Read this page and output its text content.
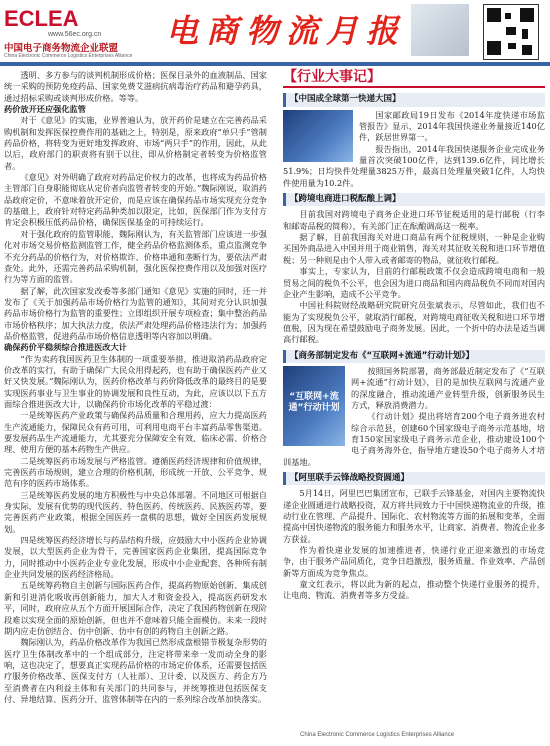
ECLEA
www.56ec.org.cn
中国电子商务物流企业联盟
China Electronic Commerce Logistics Enterprises Alliance
电商物流月报

透明、多方参与的谈判机制形成价格；医保目录外的血液制品、国家统一采购的预防免疫药品、国家免费艾滋病抗病毒治疗药品和避孕药具，通过招标采购或谈判形成价格。等等。

药价放开还应强化监管

对于《意见》的实施，业界普遍认为，放开药价是建立在完善药品采购机制和发挥医保控费作用的基础之上，特别是，原来政府“单只手”管制药品价格，将转变为更好地发挥政府、市场“两只手”的作用，因此，从此以后，政府部门的职责将有别于以往，即从价格制定者转变为价格监管者。

《意见》对外明确了政府对药品定价权力的改革，也将成为药品价格主管部门自身职能彻底从定价者向监管者转变的开始。”魏际刚说，取消药品政府定价，不意味着放开定价，而是应该在确保药品市场实现充分竞争的基础上，政府针对特定药品种类加以限定，比如，医保部门作为支付方肯定会积极压低药品价格，确保医保基金的可持续运行。

对于强化政府的监管职能，魏际刚认为，有关监管部门应该进一步强化对市场交易价格监测监管工作，健全药品价格监测体系，重点监测竞争不充分药品的价格行为，对价格欺诈、价格串通和垄断行为，要依法严肃查处。此外，还需完善药品采购机制，强化医保控费作用以及加强对医疗行为等方面的监管。

据了解，此次国家发改委等多部门通知《意见》实施的同时，还一并发布了《关于加强药品市场价格行为监管的通知》，其间对充分认识加强药品市场价格行为监管的重要性；立即组织开展专项检查；集中整治药品市场价格秩序；加大执法力度，依法严肃处理药品价格违法行为；加强药品价格监管，促进药品市场价格信息透明等内容加以明确。

确保药价平稳须综合推进医改大计

“作为卖药我国医药卫生体制的一项重要举措，推进取消药品政府定价改革的实行，有助于确保广大民众用得起药，也有助于确保医药产业又好又快发展。”魏际刚认为，医药价格改革与药价降低改革的最终目的是要实现医药事业与卫生事业的协调发展和良性互动，为此，应该以以下五方面综合推进医改大计，以确保药价市场化改革的平稳过渡：

一是统筹医药产业政策与确保药品质量和合理用药，应大力提高医药生产流通能力，保障民众有药可用，可利用电商平台丰富药品零售渠道。要发展药品生产流通能力，尤其要充分保障安全有效、临床必需、价格合理、使用方便的基本药物生产供应。

二是统筹医药市场发展与严格监管。遵循医药经济规律和价值规律，完善医药市场规则，建立合理的价格机制，形成统一开放、公平竞争、规范有序的医药市场体系。

三是统筹医药发展的地方积极性与中央总体部署。不同地区可根据自身实际，发展有优势的现代医药、特色医药、传统医药、民族医药等，要完善医药产业政策，根据全国医药一盘棋的思想，做好全国医药发展规划。

四是统筹医药经济增长与药品结构升级，应鼓励大中小医药企业协调发展，以大型医药企业为骨干，完善国家医药企业集团，提高国际竞争力，同时推动中小医药企业专业化发展，形成中小企业配套、各种所有制企业共同发展的医药经济格局。

五是统筹药物自主创新与国际医药合作，提高药物原始创新、集成创新和引进消化吸收再创新能力，加大人才和资金投入，提高医药研发水平，同时，政府应从五个方面开展国际合作，决定了我国药物创新在现阶段难以实现全面的原始创新，但也并不意味着只能全面模仿。未来一段时期内应走仿创结合、仿中创新、仿中有创的药物自主创新之路。

魏际刚认为，药品价格改革作为我国已然形成盘根错节极复杂形势的医疗卫生体制改革中的一个组成部分，注定将带来牵一发而动全身的影响，这也决定了，想要真正实现药品价格的市场定价体系，还需要包括医疗服务价格改革、医保支付方（人社部）、卫计委、以及医方、药企方乃至消费者在内利益主体和有关部门的共同参与，并统筹推进包括医保支付、异地结算、医药分开、监管体制等在内的一系列综合改革加快落实。

【行业大事记】
【中国成全球第一快递大国】

国家邮政局19日发布《2014年度快递市场监管报告》显示，2014年我国快递业务量接近140亿件，跃居世界第一。

报告指出，2014年我国快递服务企业完成业务量首次突破100亿件，达到139.6亿件，同比增长51.9%；日均快件处理量3825万件，最高日处理量突破1亿件，人均快件使用量为10.2件。

【跨境电商进口税酝酿上调】

目前我国对跨境电子商务企业进口环节征税适用的是行邮税（行李和邮寄品税的简称），有关部门正在酝酿调高这一税率。

据了解，目前我国海关对进口商品有两个征税规则，一种是企业购买国外商品进入中国并用于商业销售，海关对其征收关税和进口环节增值税；另一种则是由个人带入或者邮寄的物品，就征收行邮税。

事实上，专家认为，目前的行邮税政策不仅会造成跨境电商和一般贸易之间的税负不公平，也会因为进口商品和国内商品税负不同而对国内企业产生影响，造成不公平竞争。

中国社科院财经战略研究院研究员张斌表示，尽管如此，我们也不能为了实现税负公平，就取消行邮税，对跨境电商征收关税和进口环节增值税，因为现在希望鼓励电子商务发展。因此，一个折中的办法是适当调高行邮税。

【商务部制定发布《“互联网+流通”行动计划》】
“互联网+流通”行动计划

按照国务院部署，商务部最近制定发布了《“互联网+流通”行动计划》，目的是加快互联网与流通产业的深度融合，推动流通产业转型升级，创新服务民生方式，释放消费潜力。

《行动计划》提出将培育200个电子商务进农村综合示范县，创建60个国家级电子商务示范基地，培育150家国家级电子商务示范企业，推动建设100个电子商务海外仓，指导地方建设50个电子商务人才培训基地。

【阿里联手云锋战略投资圆通】

5月14日，阿里巴巴集团宣布，已联手云锋基金，对国内主要物流快递企业圆通进行战略投资，双方将共同致力于中国快递物流业的升级，推动行业在管理、产品提升、国际化、农村物流等方面的拓展和变革，全面提高中国快递物流的服务能力和服务水平，让商家、消费者、物流企业多方获益。

作为着快递业发展的加速推进者，快递行业正迎来激烈的市场竞争，由于服务产品同质化，竞争日趋激烈，服务质量、作业效率、产品创新等方面成为竞争焦点。

童文红表示，将以此为新的起点，推动整个快递行业服务的提升，让电商、物流、消费者等多方受益。

China Electronic Commerce Logistics Enterprises Alliance
